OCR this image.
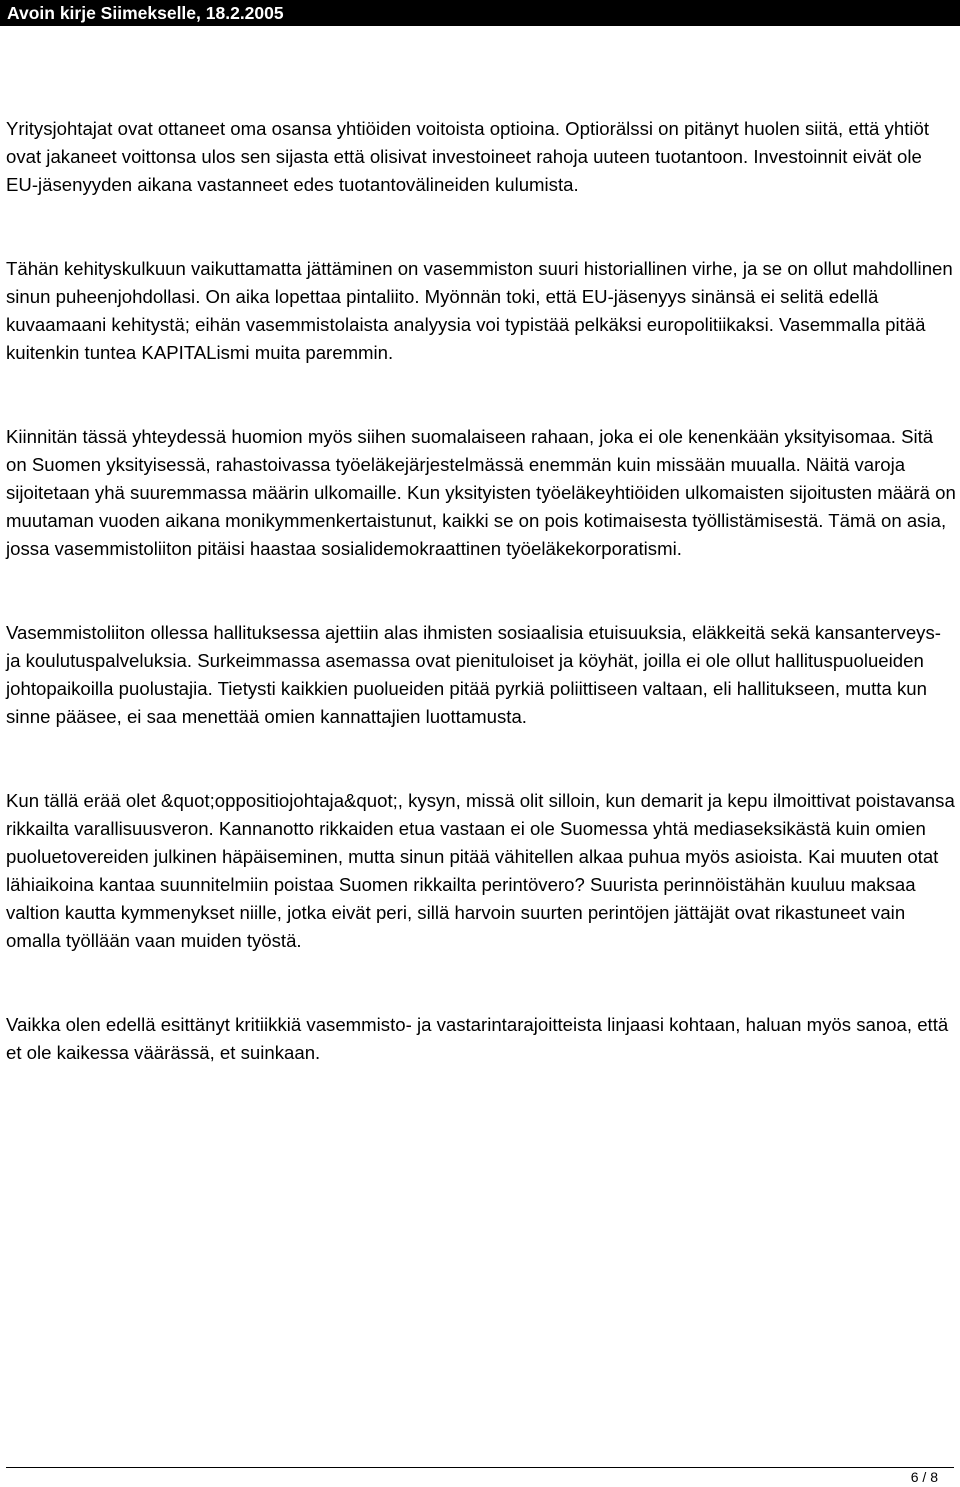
Avoin kirje Siimekselle, 18.2.2005

Yritysjohtajat ovat ottaneet oma osansa yhtiöiden voitoista optioina. Optiorälssi on pitänyt huolen siitä, että yhtiöt ovat jakaneet voittonsa ulos sen sijasta että olisivat investoineet rahoja uuteen tuotantoon. Investoinnit eivät ole EU-jäsenyyden aikana vastanneet edes tuotantovälineiden kulumista.

Tähän kehityskulkuun vaikuttamatta jättäminen on vasemmiston suuri historiallinen virhe, ja se on ollut mahdollinen sinun puheenjohdollasi. On aika lopettaa pintaliito. Myönnän toki, että EU-jäsenyys sinänsä ei selitä edellä kuvaamaani kehitystä; eihän vasemmistolaista analyysia voi typistää pelkäksi europolitiikaksi. Vasemmalla pitää kuitenkin tuntea KAPITALismi muita paremmin.

Kiinnitän tässä yhteydessä huomion myös siihen suomalaiseen rahaan, joka ei ole kenenkään yksityisomaa. Sitä on Suomen yksityisessä, rahastoivassa työeläkejärjestelmässä enemmän kuin missään muualla. Näitä varoja sijoitetaan yhä suuremmassa määrin ulkomaille. Kun yksityisten työeläkeyhtiöiden ulkomaisten sijoitusten määrä on muutaman vuoden aikana monikymmenkertaistunut, kaikki se on pois kotimaisesta työllistämisestä. Tämä on asia, jossa vasemmistoliiton pitäisi haastaa sosialidemokraattinen työeläkekorporatismi.

Vasemmistoliiton ollessa hallituksessa ajettiin alas ihmisten sosiaalisia etuisuuksia, eläkkeitä sekä kansanterveys- ja koulutuspalveluksia. Surkeimmassa asemassa ovat pienituloiset ja köyhät, joilla ei ole ollut hallituspuolueiden johtopaikoilla puolustajia. Tietysti kaikkien puolueiden pitää pyrkiä poliittiseen valtaan, eli hallitukseen, mutta kun sinne pääsee, ei saa menettää omien kannattajien luottamusta.

Kun tällä erää olet &quot;oppositiojohtaja&quot;, kysyn, missä olit silloin, kun demarit ja kepu ilmoittivat poistavansa rikkailta varallisuusveron. Kannanotto rikkaiden etua vastaan ei ole Suomessa yhtä mediaseksikästä kuin omien puoluetovereiden julkinen häpäiseminen, mutta sinun pitää vähitellen alkaa puhua myös asioista. Kai muuten otat lähiaikoina kantaa suunnitelmiin poistaa Suomen rikkailta perintövero? Suurista perinnöistähän kuuluu maksaa valtion kautta kymmenykset niille, jotka eivät peri, sillä harvoin suurten perintöjen jättäjät ovat rikastuneet vain omalla työllään vaan muiden työstä.

Vaikka olen edellä esittänyt kritiikkiä vasemmisto- ja vastarintarajoitteista linjaasi kohtaan, haluan myös sanoa, että et ole kaikessa väärässä, et suinkaan.

6 / 8
